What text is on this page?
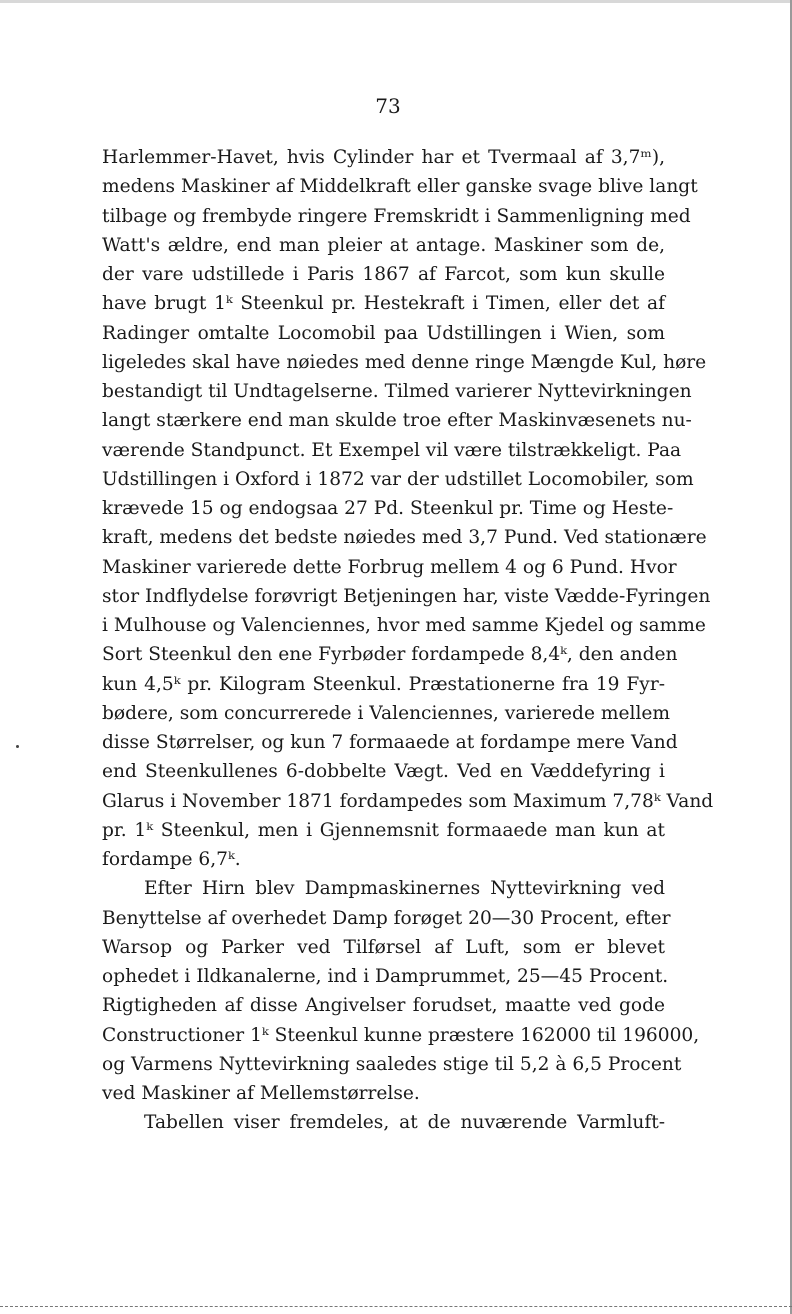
73
Harlemmer-Havet, hvis Cylinder har et Tvermaal af 3,7ᵐ),
medens Maskiner af Middelkraft eller ganske svage blive langt
tilbage og frembyde ringere Fremskridt i Sammenligning med
Watt's ældre, end man pleier at antage. Maskiner som de,
der vare udstillede i Paris 1867 af Farcot, som kun skulle
have brugt 1ᵏ Steenkul pr. Hestekraft i Timen, eller det af
Radinger omtalte Locomobil paa Udstillingen i Wien, som
ligeledes skal have nøiedes med denne ringe Mængde Kul, høre
bestandigt til Undtagelserne. Tilmed varierer Nyttevirkningen
langt stærkere end man skulde troe efter Maskinvæsenets nu-
værende Standpunct. Et Exempel vil være tilstrækkeligt. Paa
Udstillingen i Oxford i 1872 var der udstillet Locomobiler, som
krævede 15 og endogsaa 27 Pd. Steenkul pr. Time og Heste-
kraft, medens det bedste nøiedes med 3,7 Pund. Ved stationære
Maskiner varierede dette Forbrug mellem 4 og 6 Pund. Hvor
stor Indflydelse forøvrigt Betjeningen har, viste Vædde-Fyringen
i Mulhouse og Valenciennes, hvor med samme Kjedel og samme
Sort Steenkul den ene Fyrbøder fordampede 8,4ᵏ, den anden
kun 4,5ᵏ pr. Kilogram Steenkul. Præstationerne fra 19 Fyr-
bødere, som concurrerede i Valenciennes, varierede mellem
disse Størrelser, og kun 7 formaaede at fordampe mere Vand
end Steenkullenes 6-dobbelte Vægt. Ved en Væddefyring i
Glarus i November 1871 fordampedes som Maximum 7,78ᵏ Vand
pr. 1ᵏ Steenkul, men i Gjennemsnit formaaede man kun at
fordampe 6,7ᵏ.
Efter Hirn blev Dampmaskinernes Nyttevirkning ved
Benyttelse af overhedet Damp forøget 20—30 Procent, efter
Warsop og Parker ved Tilførsel af Luft, som er blevet
ophedet i Ildkanalerne, ind i Damprummet, 25—45 Procent.
Rigtigheden af disse Angivelser forudset, maatte ved gode
Constructioner 1ᵏ Steenkul kunne præstere 162000 til 196000,
og Varmens Nyttevirkning saaledes stige til 5,2 à 6,5 Procent
ved Maskiner af Mellemstørrelse.
Tabellen viser fremdeles, at de nuværende Varmluft-
